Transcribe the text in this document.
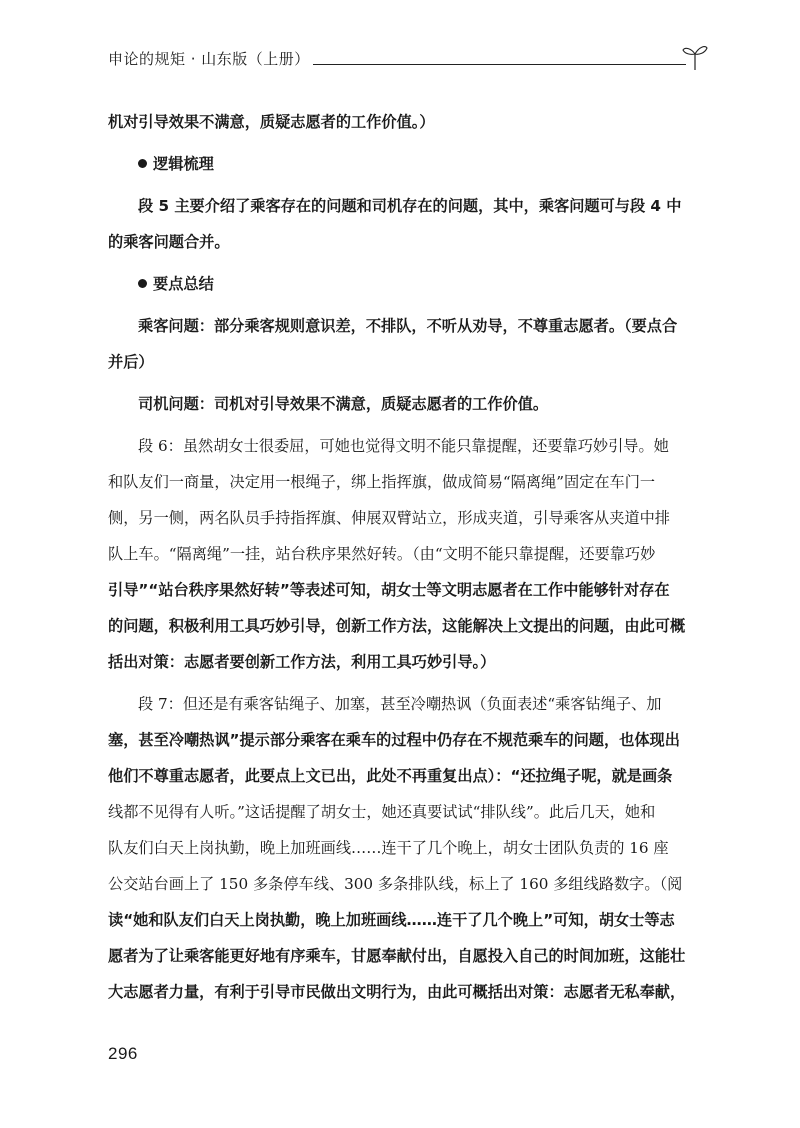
申论的规矩 · 山东版（上册）
机对引导效果不满意，质疑志愿者的工作价值。）
逻辑梳理
段 5 主要介绍了乘客存在的问题和司机存在的问题，其中，乘客问题可与段 4 中
的乘客问题合并。
要点总结
乘客问题：部分乘客规则意识差，不排队，不听从劝导，不尊重志愿者。（要点合
并后）
司机问题：司机对引导效果不满意，质疑志愿者的工作价值。
段 6：虽然胡女士很委屈，可她也觉得文明不能只靠提醒，还要靠巧妙引导。她
和队友们一商量，决定用一根绳子，绑上指挥旗，做成简易“隔离绳”固定在车门一
侧，另一侧，两名队员手持指挥旗、伸展双臂站立，形成夹道，引导乘客从夹道中排
队上车。“隔离绳”一挂，站台秩序果然好转。（由“文明不能只靠提醒，还要靠巧妙
引导”“站台秩序果然好转”等表述可知，胡女士等文明志愿者在工作中能够针对存在
的问题，积极利用工具巧妙引导，创新工作方法，这能解决上文提出的问题，由此可概
括出对策：志愿者要创新工作方法，利用工具巧妙引导。）
段 7：但还是有乘客钻绳子、加塞，甚至冷嘲热讽（负面表述“乘客钻绳子、加
塞，甚至冷嘲热讽”提示部分乘客在乘车的过程中仍存在不规范乘车的问题，也体现出
他们不尊重志愿者，此要点上文已出，此处不再重复出点）：“还拉绳子呢，就是画条
线都不见得有人听。”这话提醒了胡女士，她还真要试试“排队线”。此后几天，她和
队友们白天上岗执勤，晚上加班画线……连干了几个晚上，胡女士团队负责的 16 座
公交站台画上了 150 多条停车线、300 多条排队线，标上了 160 多组线路数字。（阅
读“她和队友们白天上岗执勤，晚上加班画线……连干了几个晚上”可知，胡女士等志
愿者为了让乘客能更好地有序乘车，甘愿奉献付出，自愿投入自己的时间加班，这能壮
大志愿者力量，有利于引导市民做出文明行为，由此可概括出对策：志愿者无私奉献，
296
